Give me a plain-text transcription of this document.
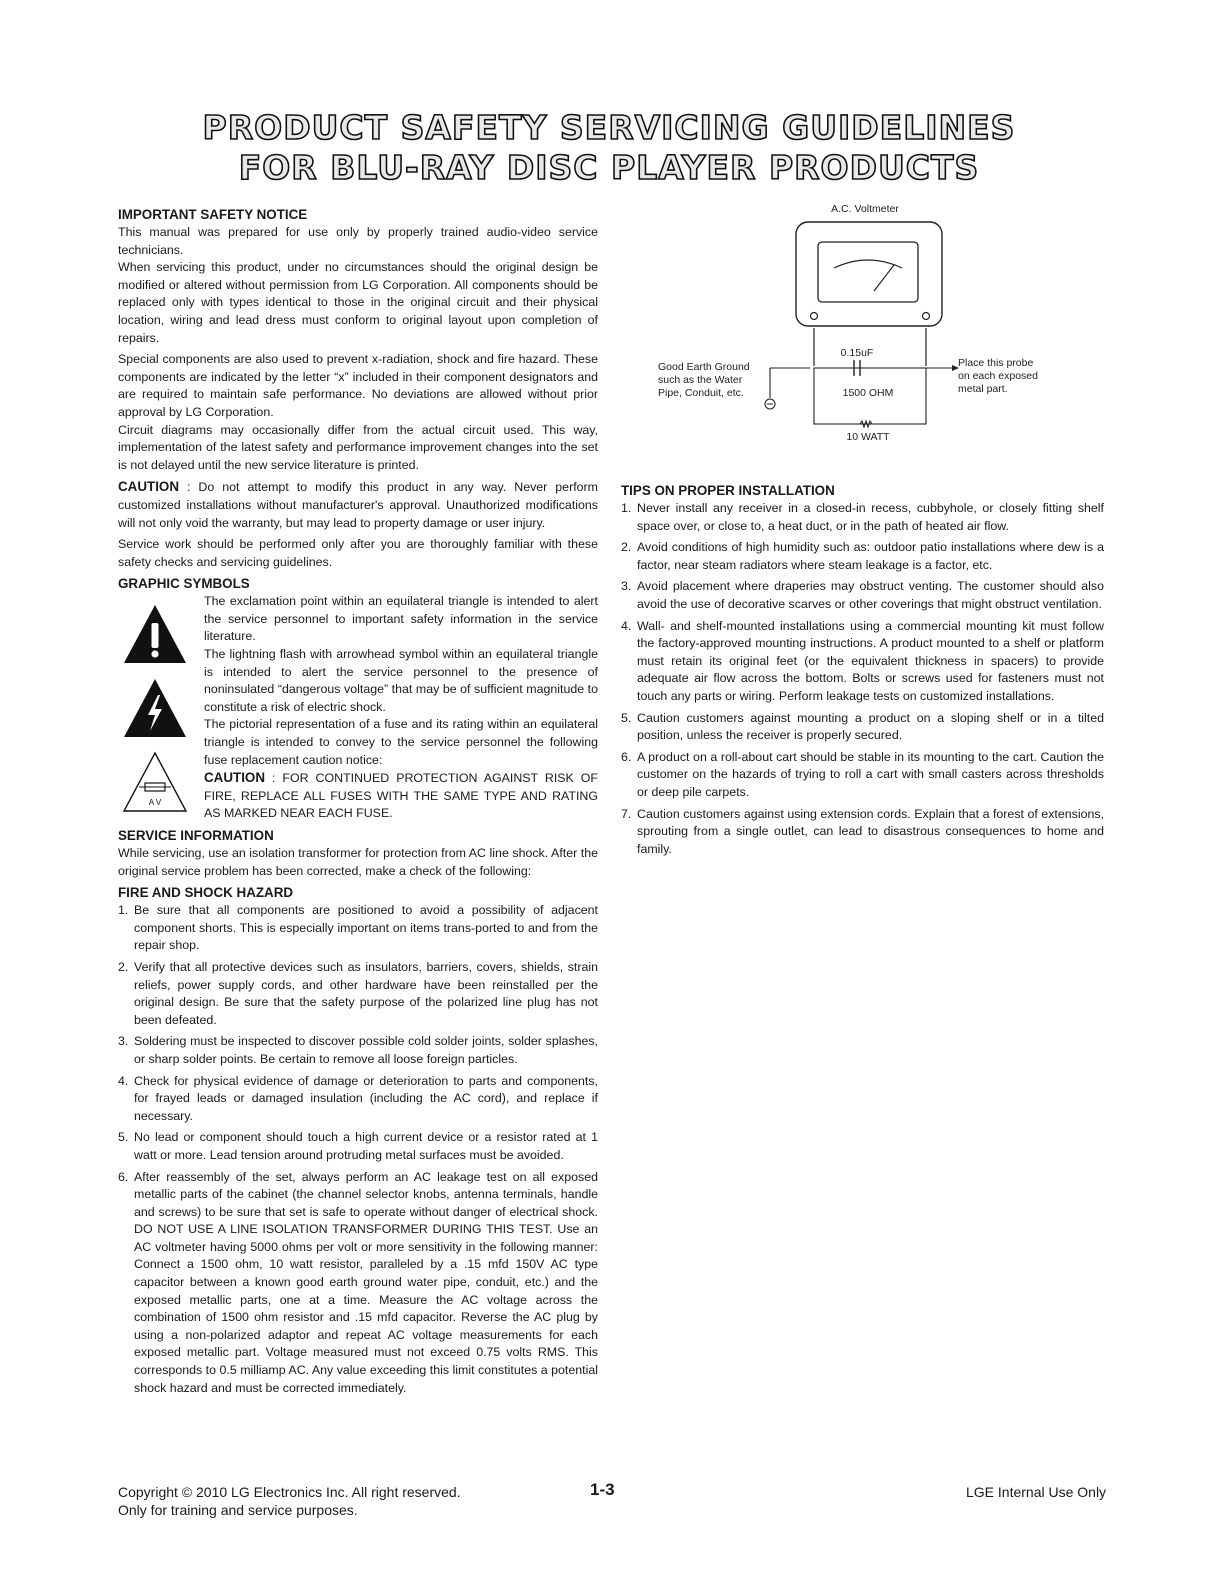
PRODUCT SAFETY SERVICING GUIDELINES
FOR BLU-RAY DISC PLAYER PRODUCTS
IMPORTANT SAFETY NOTICE

This manual was prepared for use only by properly trained audio-video service technicians.

When servicing this product, under no circumstances should the original design be modified or altered without permission from LG Corporation. All components should be replaced only with types identical to those in the original circuit and their physical location, wiring and lead dress must conform to original layout upon completion of repairs.

Special components are also used to prevent x-radiation, shock and fire hazard. These components are indicated by the letter “x” included in their component designators and are required to maintain safe performance. No deviations are allowed without prior approval by LG Corporation.

Circuit diagrams may occasionally differ from the actual circuit used. This way, implementation of the latest safety and performance improvement changes into the set is not delayed until the new service literature is printed.

CAUTION : Do not attempt to modify this product in any way. Never perform customized installations without manufacturer's approval. Unauthorized modifications will not only void the warranty, but may lead to property damage or user injury.

Service work should be performed only after you are thoroughly familiar with these safety checks and servicing guidelines.

GRAPHIC SYMBOLS
A V

The exclamation point within an equilateral triangle is intended to alert the service personnel to important safety information in the service literature.

The lightning flash with arrowhead symbol within an equilateral triangle is intended to alert the service personnel to the presence of noninsulated “dangerous voltage” that may be of sufficient magnitude to constitute a risk of electric shock.

The pictorial representation of a fuse and its rating within an equilateral triangle is intended to convey to the service personnel the following fuse replacement caution notice:

CAUTION : FOR CONTINUED PROTECTION AGAINST RISK OF FIRE, REPLACE ALL FUSES WITH THE SAME TYPE AND RATING AS MARKED NEAR EACH FUSE.

SERVICE INFORMATION

While servicing, use an isolation transformer for protection from AC line shock. After the original service problem has been corrected, make a check of the following:

FIRE AND SHOCK HAZARD
1. Be sure that all components are positioned to avoid a possibility of adjacent component shorts. This is especially important on items trans-ported to and from the repair shop.
2. Verify that all protective devices such as insulators, barriers, covers, shields, strain reliefs, power supply cords, and other hardware have been reinstalled per the original design. Be sure that the safety purpose of the polarized line plug has not been defeated.
3. Soldering must be inspected to discover possible cold solder joints, solder splashes, or sharp solder points. Be certain to remove all loose foreign particles.
4. Check for physical evidence of damage or deterioration to parts and components, for frayed leads or damaged insulation (including the AC cord), and replace if necessary.
5. No lead or component should touch a high current device or a resistor rated at 1 watt or more. Lead tension around protruding metal surfaces must be avoided.
6. After reassembly of the set, always perform an AC leakage test on all exposed metallic parts of the cabinet (the channel selector knobs, antenna terminals, handle and screws) to be sure that set is safe to operate without danger of electrical shock. DO NOT USE A LINE ISOLATION TRANSFORMER DURING THIS TEST. Use an AC voltmeter having 5000 ohms per volt or more sensitivity in the following manner: Connect a 1500 ohm, 10 watt resistor, paralleled by a .15 mfd 150V AC type capacitor between a known good earth ground water pipe, conduit, etc.) and the exposed metallic parts, one at a time. Measure the AC voltage across the combination of 1500 ohm resistor and .15 mfd capacitor. Reverse the AC plug by using a non-polarized adaptor and repeat AC voltage measurements for each exposed metallic part. Voltage measured must not exceed 0.75 volts RMS. This corresponds to 0.5 milliamp AC. Any value exceeding this limit constitutes a potential shock hazard and must be corrected immediately.
A.C. Voltmeter
0.15uF
1500 OHM
10 WATT
Good Earth Ground
such as the Water
Pipe, Conduit, etc.
Place this probe
on each exposed
metal part.
TIPS ON PROPER INSTALLATION
1. Never install any receiver in a closed-in recess, cubbyhole, or closely fitting shelf space over, or close to, a heat duct, or in the path of heated air flow.
2. Avoid conditions of high humidity such as: outdoor patio installations where dew is a factor, near steam radiators where steam leakage is a factor, etc.
3. Avoid placement where draperies may obstruct venting. The customer should also avoid the use of decorative scarves or other coverings that might obstruct ventilation.
4. Wall- and shelf-mounted installations using a commercial mounting kit must follow the factory-approved mounting instructions. A product mounted to a shelf or platform must retain its original feet (or the equivalent thickness in spacers) to provide adequate air flow across the bottom. Bolts or screws used for fasteners must not touch any parts or wiring. Perform leakage tests on customized installations.
5. Caution customers against mounting a product on a sloping shelf or in a tilted position, unless the receiver is properly secured.
6. A product on a roll-about cart should be stable in its mounting to the cart. Caution the customer on the hazards of trying to roll a cart with small casters across thresholds or deep pile carpets.
7. Caution customers against using extension cords. Explain that a forest of extensions, sprouting from a single outlet, can lead to disastrous consequences to home and family.
Copyright © 2010 LG Electronics Inc. All right reserved.
Only for training and service purposes.
1-3	LGE Internal Use Only
